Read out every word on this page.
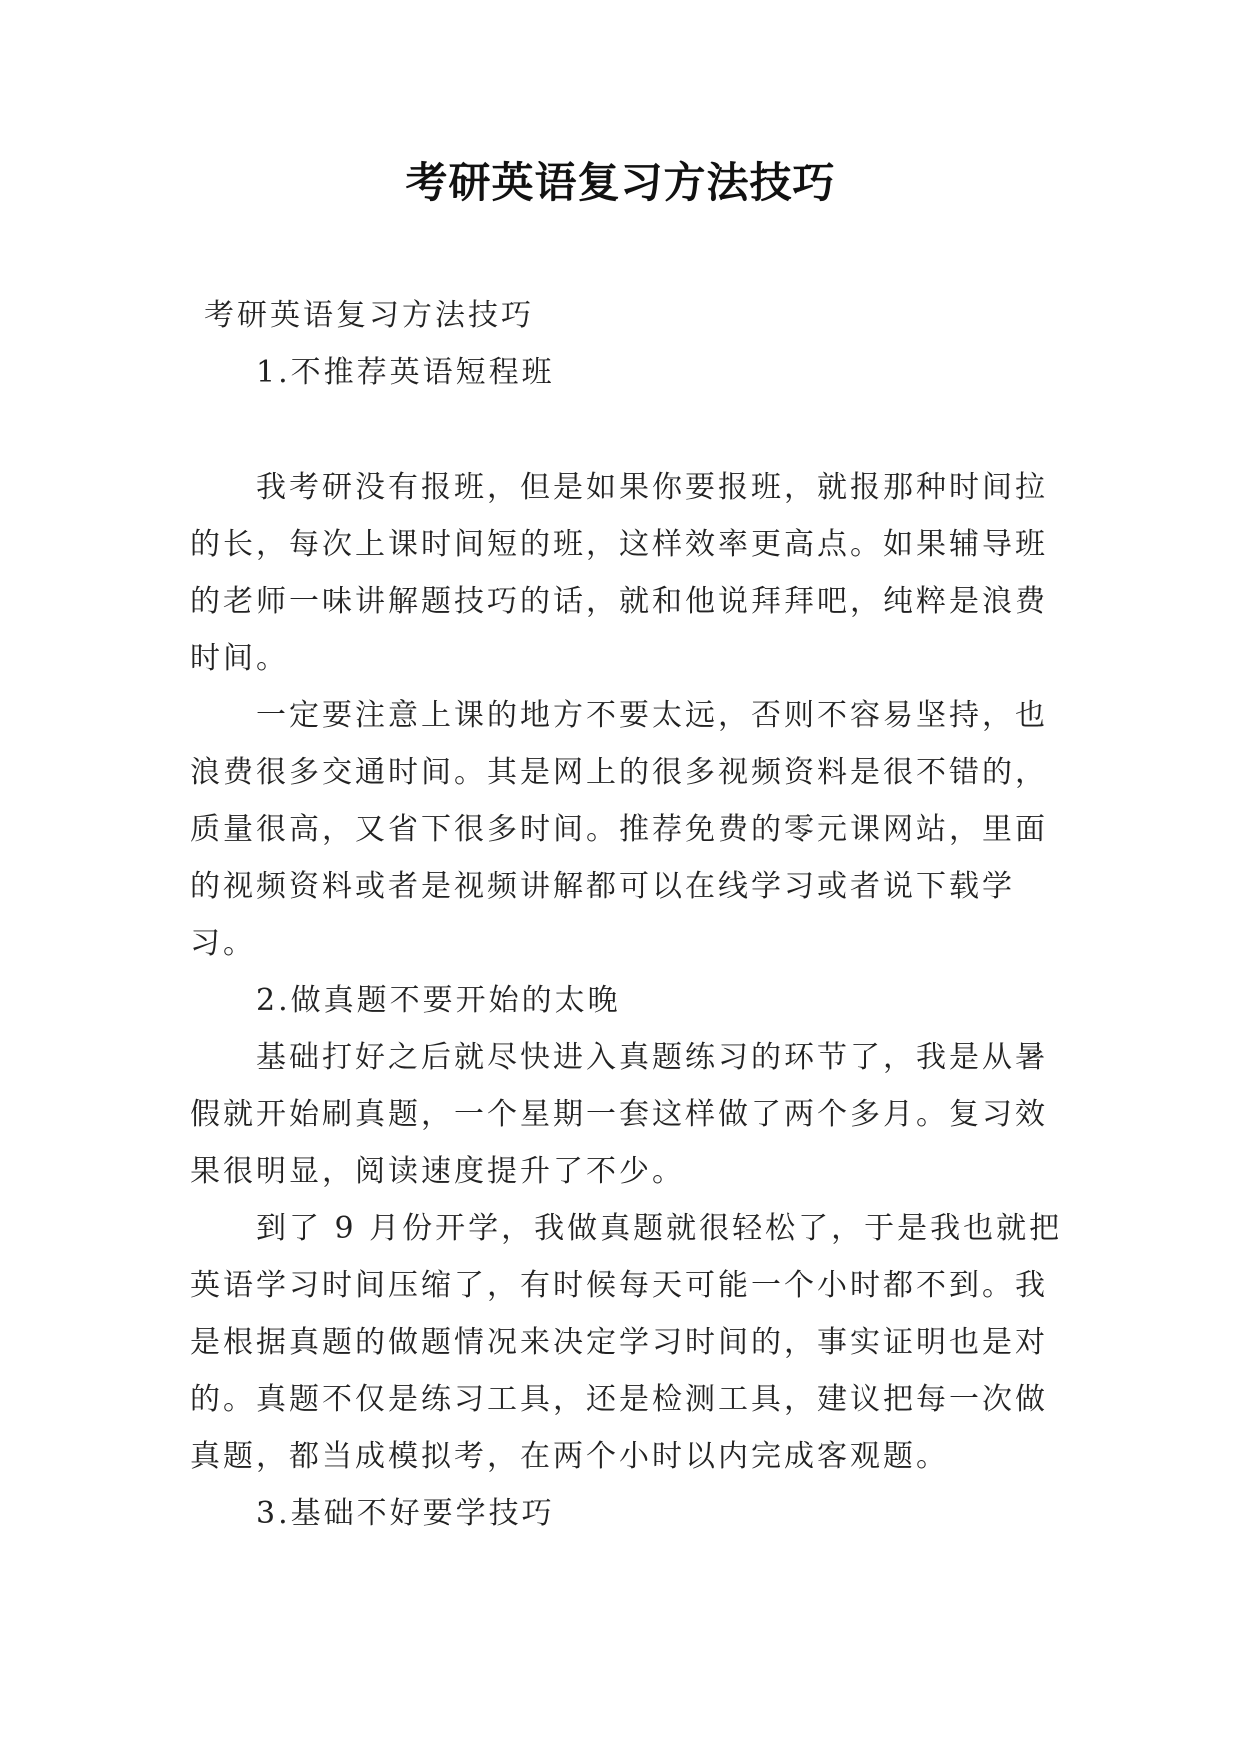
考研英语复习方法技巧
考研英语复习方法技巧
1.不推荐英语短程班
我考研没有报班，但是如果你要报班，就报那种时间拉
的长，每次上课时间短的班，这样效率更高点。如果辅导班
的老师一味讲解题技巧的话，就和他说拜拜吧，纯粹是浪费
时间。
一定要注意上课的地方不要太远，否则不容易坚持，也
浪费很多交通时间。其是网上的很多视频资料是很不错的，
质量很高，又省下很多时间。推荐免费的零元课网站，里面
的视频资料或者是视频讲解都可以在线学习或者说下载学
习。
2.做真题不要开始的太晚
基础打好之后就尽快进入真题练习的环节了，我是从暑
假就开始刷真题，一个星期一套这样做了两个多月。复习效
果很明显，阅读速度提升了不少。
到了 9 月份开学，我做真题就很轻松了，于是我也就把
英语学习时间压缩了，有时候每天可能一个小时都不到。我
是根据真题的做题情况来决定学习时间的，事实证明也是对
的。真题不仅是练习工具，还是检测工具，建议把每一次做
真题，都当成模拟考，在两个小时以内完成客观题。
3.基础不好要学技巧
